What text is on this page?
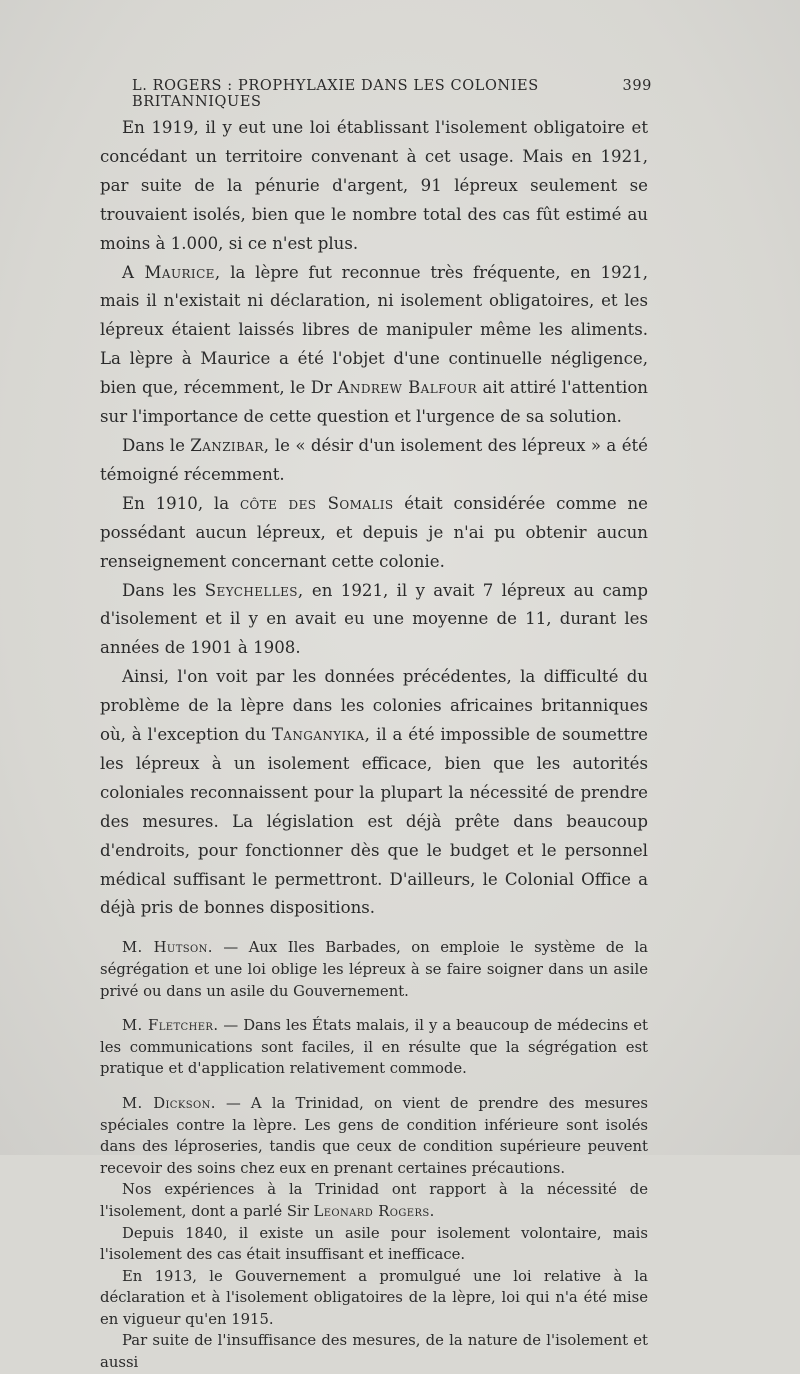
L. ROGERS : PROPHYLAXIE DANS LES COLONIES BRITANNIQUES
399

En 1919, il y eut une loi établissant l'isolement obligatoire et concédant un territoire convenant à cet usage. Mais en 1921, par suite de la pénurie d'argent, 91 lépreux seulement se trouvaient isolés, bien que le nombre total des cas fût estimé au moins à 1.000, si ce n'est plus.

A Maurice, la lèpre fut reconnue très fréquente, en 1921, mais il n'existait ni déclaration, ni isolement obligatoires, et les lépreux étaient laissés libres de manipuler même les aliments. La lèpre à Maurice a été l'objet d'une continuelle négligence, bien que, récemment, le Dr Andrew Balfour ait attiré l'attention sur l'importance de cette question et l'urgence de sa solution.

Dans le Zanzibar, le « désir d'un isolement des lépreux » a été témoigné récemment.

En 1910, la côte des Somalis était considérée comme ne possédant aucun lépreux, et depuis je n'ai pu obtenir aucun renseignement concernant cette colonie.

Dans les Seychelles, en 1921, il y avait 7 lépreux au camp d'isolement et il y en avait eu une moyenne de 11, durant les années de 1901 à 1908.

Ainsi, l'on voit par les données précédentes, la difficulté du problème de la lèpre dans les colonies africaines britanniques où, à l'exception du Tanganyika, il a été impossible de soumettre les lépreux à un isolement efficace, bien que les autorités coloniales reconnaissent pour la plupart la nécessité de prendre des mesures. La législation est déjà prête dans beaucoup d'endroits, pour fonctionner dès que le budget et le personnel médical suffisant le permettront. D'ailleurs, le Colonial Office a déjà pris de bonnes dispositions.

M. Hutson. — Aux Iles Barbades, on emploie le système de la ségrégation et une loi oblige les lépreux à se faire soigner dans un asile privé ou dans un asile du Gouvernement.

M. Fletcher. — Dans les États malais, il y a beaucoup de médecins et les communications sont faciles, il en résulte que la ségrégation est pratique et d'application relativement commode.

M. Dickson. — A la Trinidad, on vient de prendre des mesures spéciales contre la lèpre. Les gens de condition inférieure sont isolés dans des léproseries, tandis que ceux de condition supérieure peuvent recevoir des soins chez eux en prenant certaines précautions.

Nos expériences à la Trinidad ont rapport à la nécessité de l'isolement, dont a parlé Sir Leonard Rogers.

Depuis 1840, il existe un asile pour isolement volontaire, mais l'isolement des cas était insuffisant et inefficace.

En 1913, le Gouvernement a promulgué une loi relative à la déclaration et à l'isolement obligatoires de la lèpre, loi qui n'a été mise en vigueur qu'en 1915.

Par suite de l'insuffisance des mesures, de la nature de l'isolement et aussi
